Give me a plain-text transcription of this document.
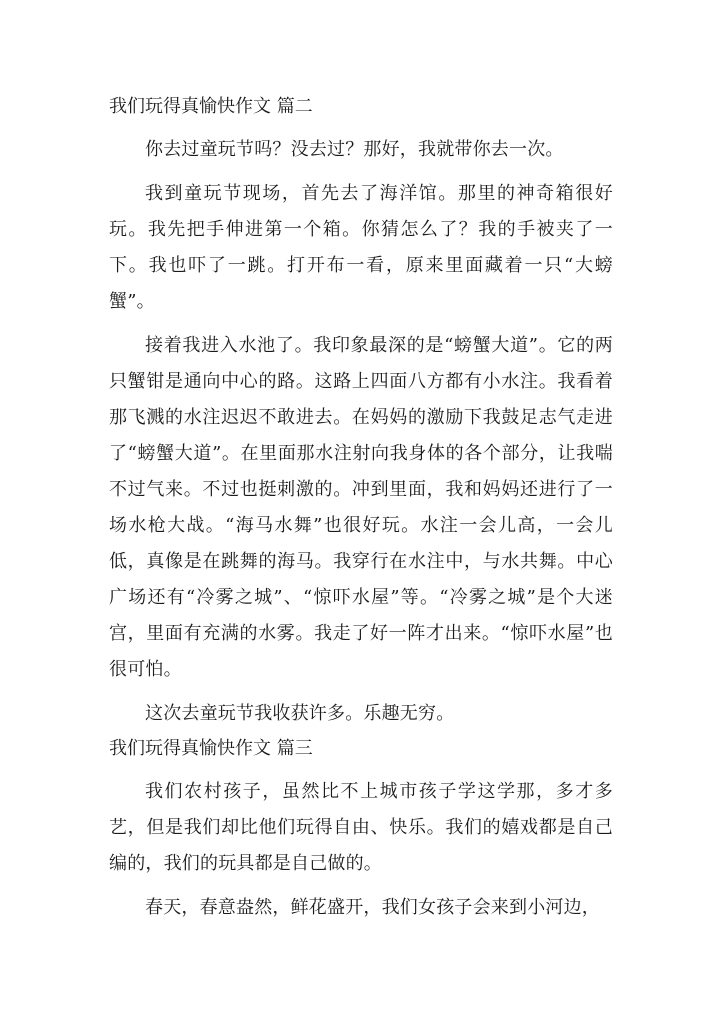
我们玩得真愉快作文 篇二

你去过童玩节吗？没去过？那好，我就带你去一次。

我到童玩节现场，首先去了海洋馆。那里的神奇箱很好玩。我先把手伸进第一个箱。你猜怎么了？我的手被夹了一下。我也吓了一跳。打开布一看，原来里面藏着一只“大螃蟹”。

接着我进入水池了。我印象最深的是“螃蟹大道”。它的两只蟹钳是通向中心的路。这路上四面八方都有小水注。我看着那飞溅的水注迟迟不敢进去。在妈妈的激励下我鼓足志气走进了“螃蟹大道”。在里面那水注射向我身体的各个部分，让我喘不过气来。不过也挺刺激的。冲到里面，我和妈妈还进行了一场水枪大战。“海马水舞”也很好玩。水注一会儿高，一会儿低，真像是在跳舞的海马。我穿行在水注中，与水共舞。中心广场还有“冷雾之城”、“惊吓水屋”等。“冷雾之城”是个大迷宫，里面有充满的水雾。我走了好一阵才出来。“惊吓水屋”也很可怕。

这次去童玩节我收获许多。乐趣无穷。

我们玩得真愉快作文 篇三

我们农村孩子，虽然比不上城市孩子学这学那，多才多艺，但是我们却比他们玩得自由、快乐。我们的嬉戏都是自己编的，我们的玩具都是自己做的。

春天，春意盎然，鲜花盛开，我们女孩子会来到小河边，
